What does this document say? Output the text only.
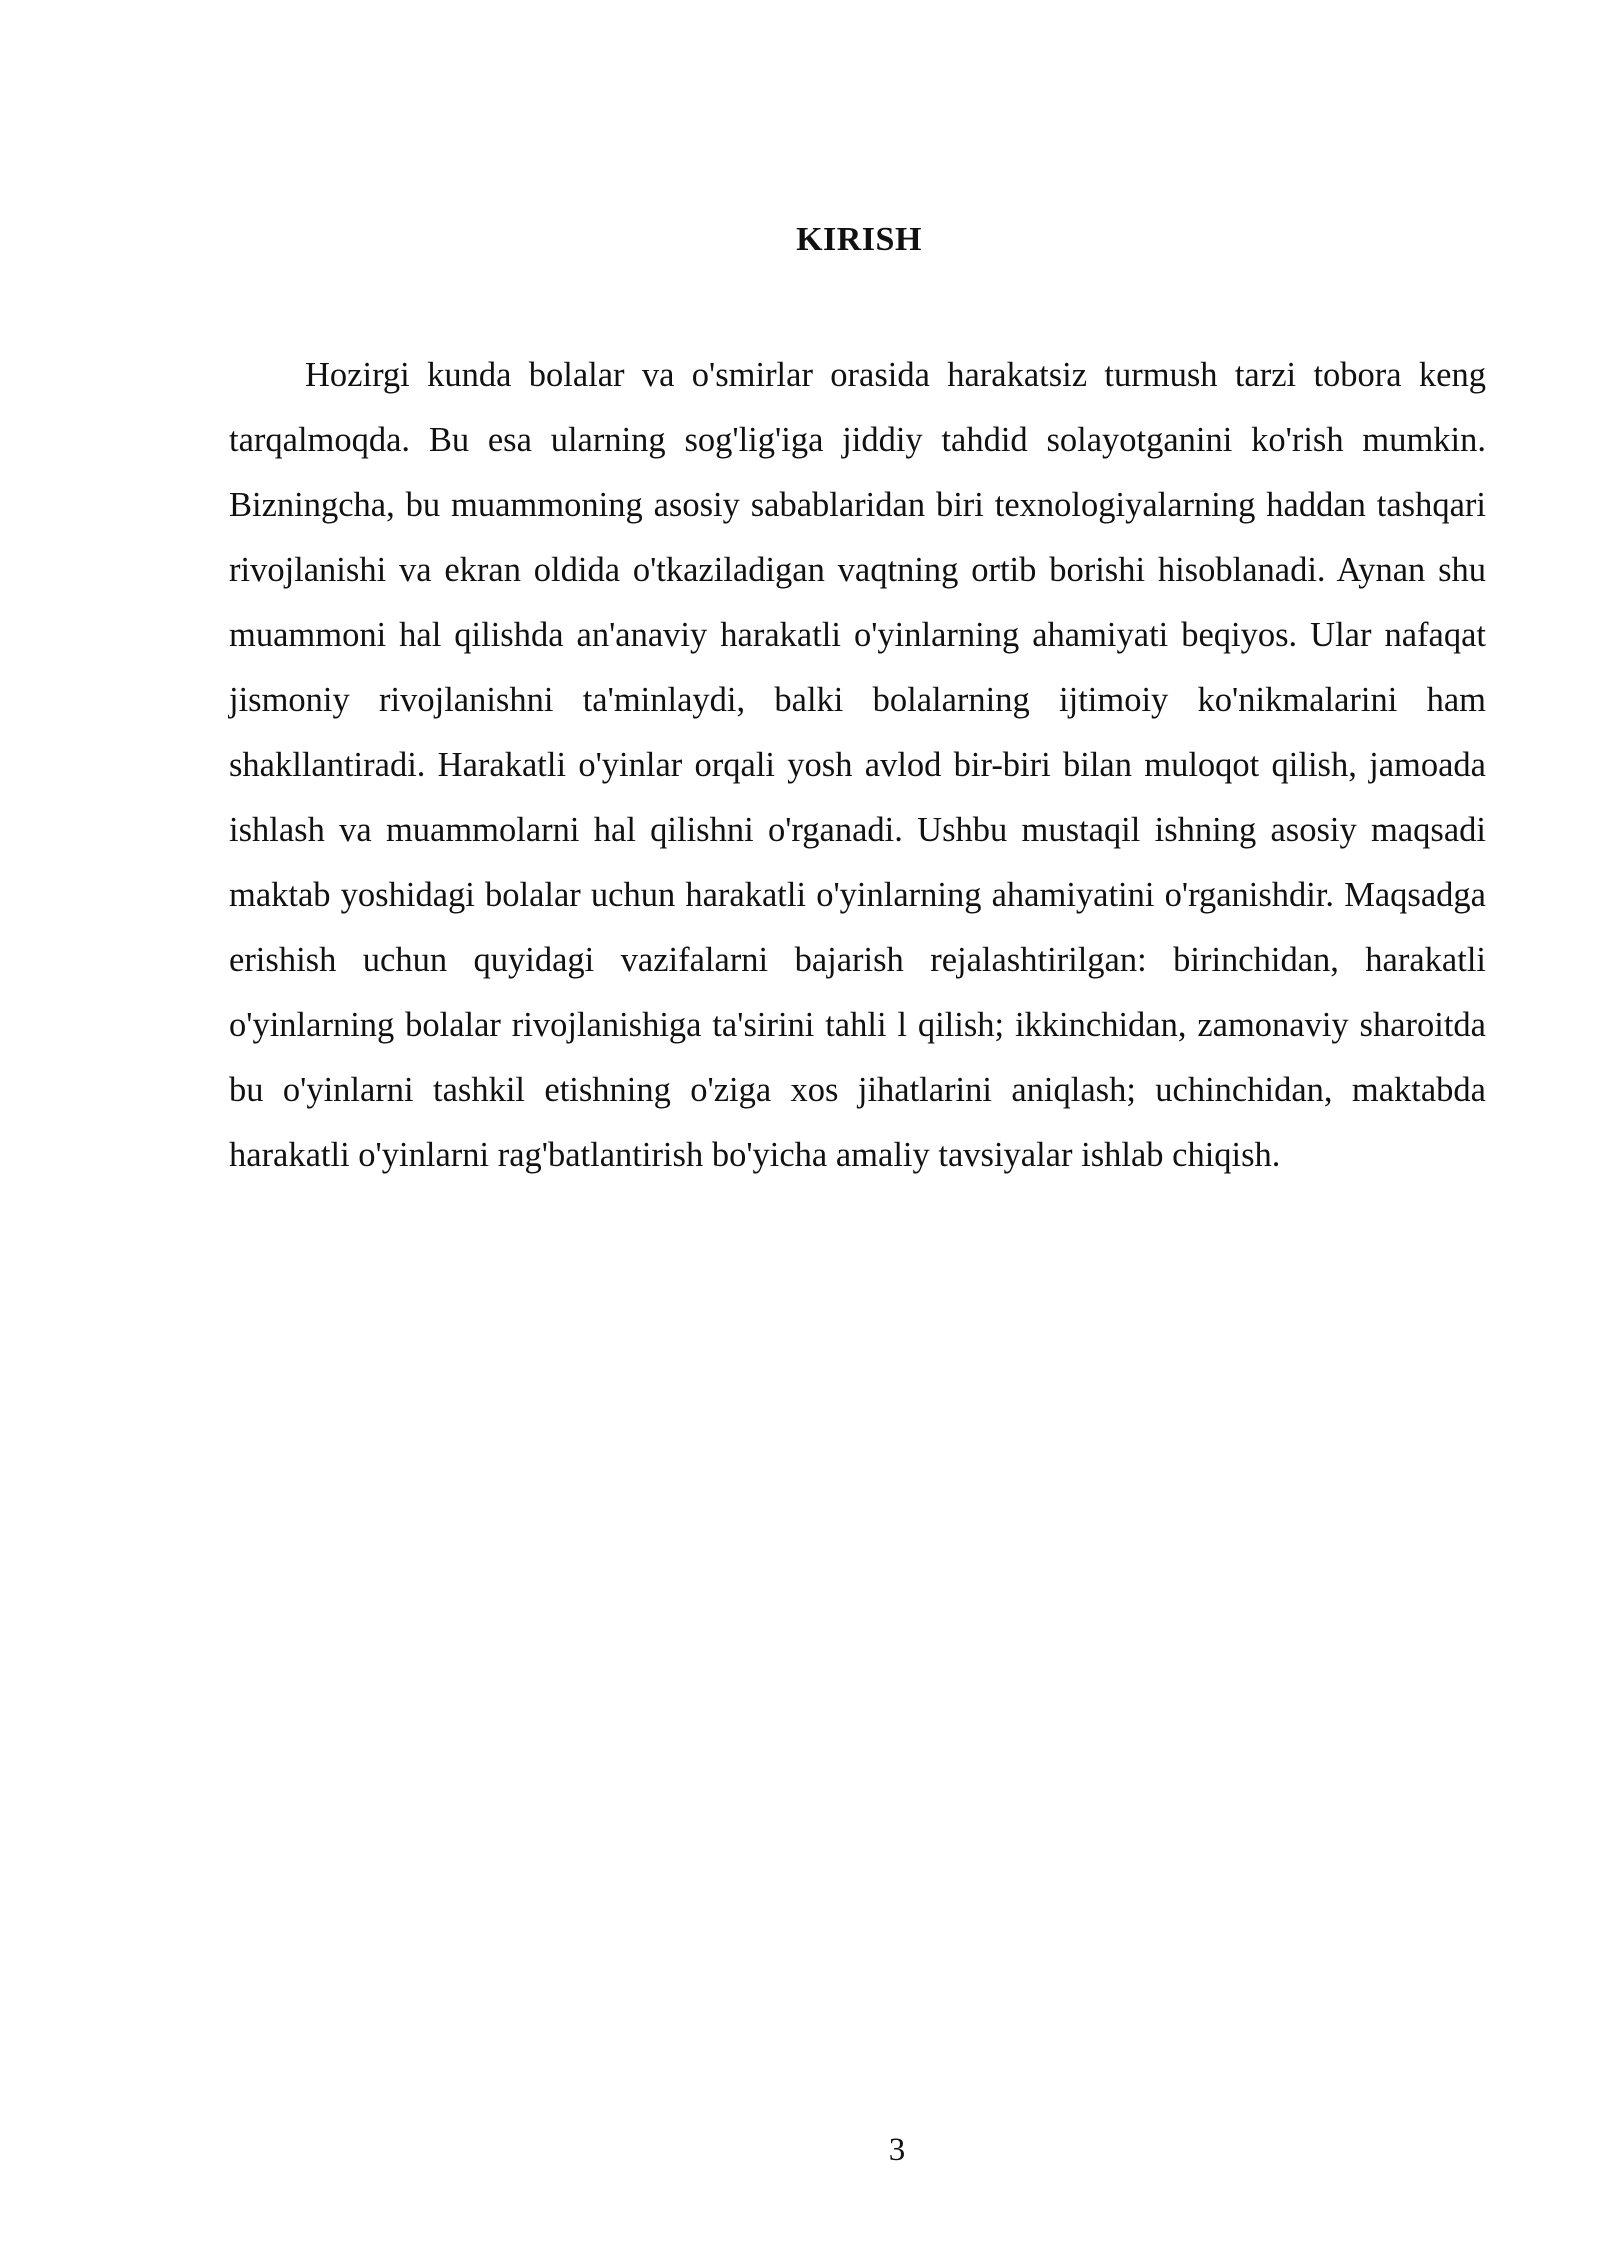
KIRISH

Hozirgi kunda bolalar va o'smirlar orasida harakatsiz turmush tarzi tobora keng tarqalmoqda. Bu esa ularning sog'lig'iga jiddiy tahdid solayotganini ko'rish mumkin. Bizningcha, bu muammoning asosiy sabablaridan biri texnologiyalarning haddan tashqari rivojlanishi va ekran oldida o'tkaziladigan vaqtning ortib borishi hisoblanadi. Aynan shu muammoni hal qilishda an'anaviy harakatli o'yinlarning ahamiyati beqiyos. Ular nafaqat jismoniy rivojlanishni ta'minlaydi, balki bolalarning ijtimoiy ko'nikmalarini ham shakllantiradi. Harakatli o'yinlar orqali yosh avlod bir-biri bilan muloqot qilish, jamoada ishlash va muammolarni hal qilishni o'rganadi. Ushbu mustaqil ishning asosiy maqsadi maktab yoshidagi bolalar uchun harakatli o'yinlarning ahamiyatini o'rganishdir. Maqsadga erishish uchun quyidagi vazifalarni bajarish rejalashtirilgan: birinchidan, harakatli o'yinlarning bolalar rivojlanishiga ta'sirini tahli l qilish; ikkinchidan, zamonaviy sharoitda bu o'yinlarni tashkil etishning o'ziga xos jihatlarini aniqlash; uchinchidan, maktabda harakatli o'yinlarni rag'batlantirish bo'yicha amaliy tavsiyalar ishlab chiqish.

3
